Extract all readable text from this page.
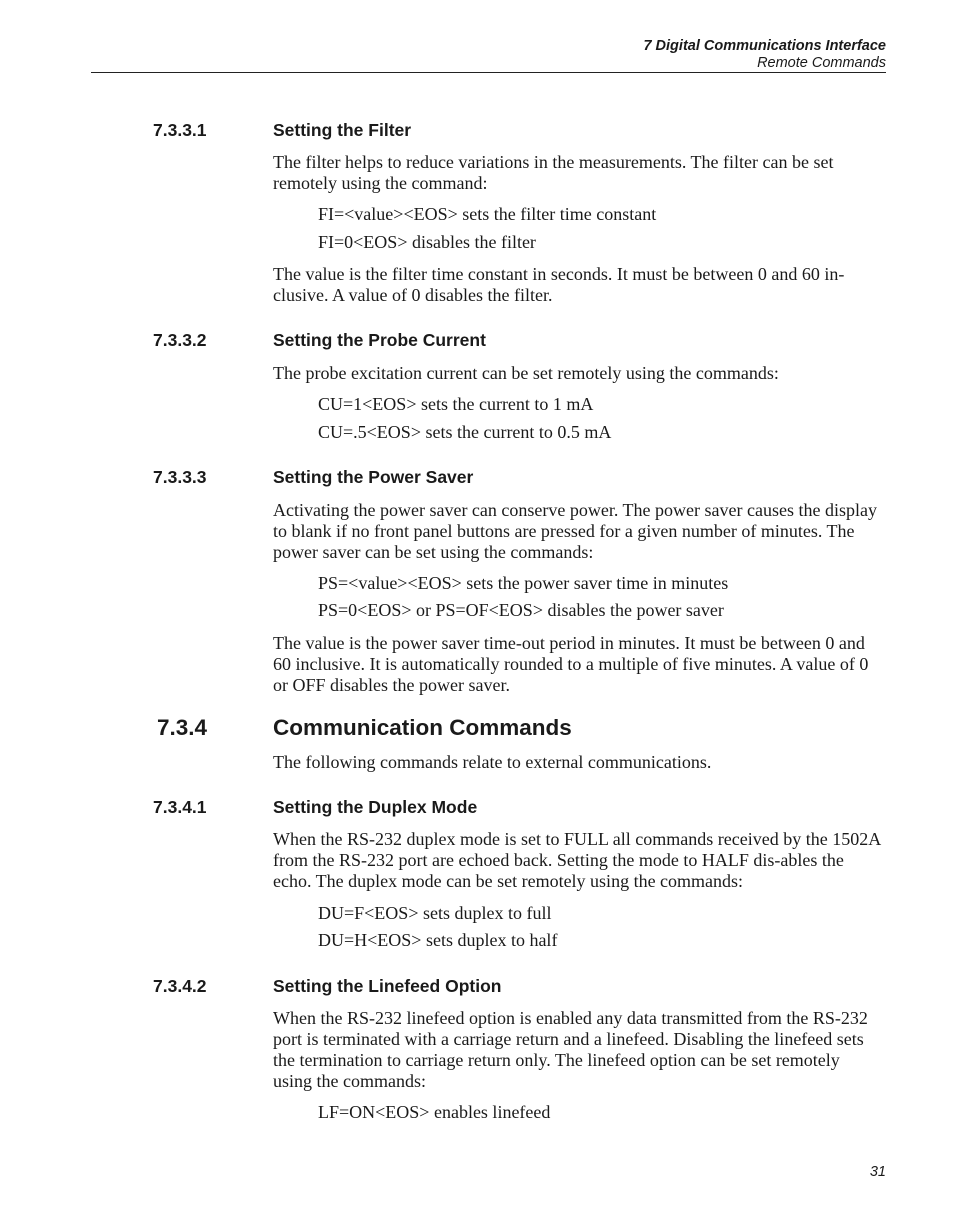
7 Digital Communications Interface
Remote Commands
7.3.3.1	Setting the Filter

The filter helps to reduce variations in the measurements. The filter can be set remotely using the command:

FI=<value><EOS> sets the filter time constant
FI=0<EOS> disables the filter

The value is the filter time constant in seconds. It must be between 0 and 60 in-clusive. A value of 0 disables the filter.

7.3.3.2	Setting the Probe Current

The probe excitation current can be set remotely using the commands:

CU=1<EOS> sets the current to 1 mA
CU=.5<EOS> sets the current to 0.5 mA
7.3.3.3	Setting the Power Saver

Activating the power saver can conserve power. The power saver causes the display to blank if no front panel buttons are pressed for a given number of minutes. The power saver can be set using the commands:

PS=<value><EOS> sets the power saver time in minutes
PS=0<EOS> or PS=OF<EOS> disables the power saver

The value is the power saver time-out period in minutes. It must be between 0 and 60 inclusive. It is automatically rounded to a multiple of five minutes. A value of 0 or OFF disables the power saver.

7.3.4	Communication Commands

The following commands relate to external communications.

7.3.4.1	Setting the Duplex Mode

When the RS-232 duplex mode is set to FULL all commands received by the 1502A from the RS-232 port are echoed back. Setting the mode to HALF dis-ables the echo. The duplex mode can be set remotely using the commands:

DU=F<EOS> sets duplex to full
DU=H<EOS> sets duplex to half
7.3.4.2	Setting the Linefeed Option

When the RS-232 linefeed option is enabled any data transmitted from the RS-232 port is terminated with a carriage return and a linefeed. Disabling the linefeed sets the termination to carriage return only. The linefeed option can be set remotely using the commands:

LF=ON<EOS> enables linefeed
31
